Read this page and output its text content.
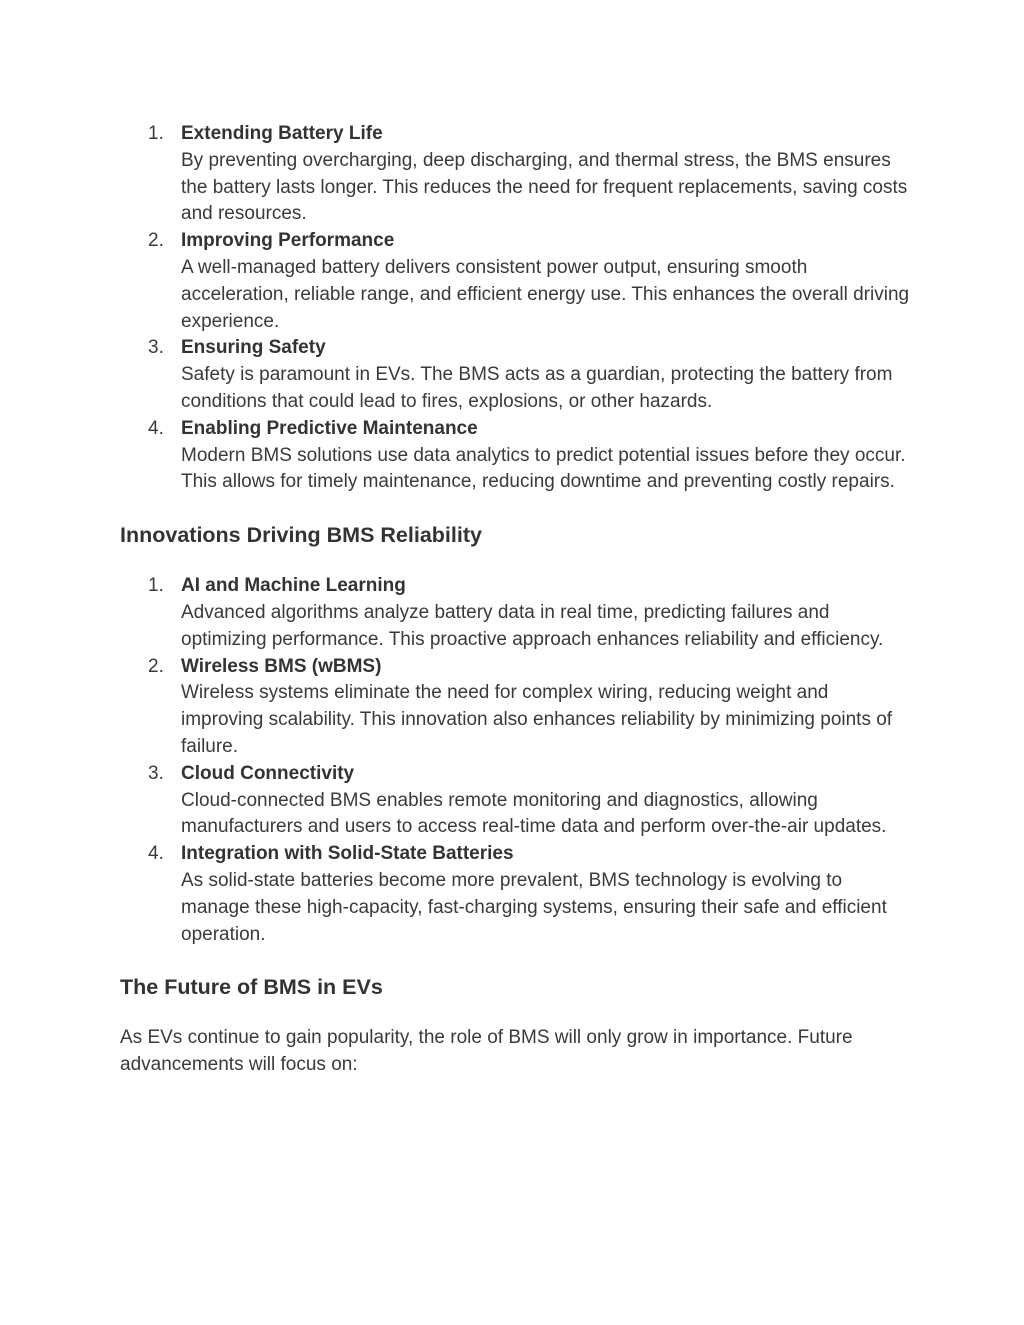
1. Extending Battery Life
By preventing overcharging, deep discharging, and thermal stress, the BMS ensures the battery lasts longer. This reduces the need for frequent replacements, saving costs and resources.
2. Improving Performance
A well-managed battery delivers consistent power output, ensuring smooth acceleration, reliable range, and efficient energy use. This enhances the overall driving experience.
3. Ensuring Safety
Safety is paramount in EVs. The BMS acts as a guardian, protecting the battery from conditions that could lead to fires, explosions, or other hazards.
4. Enabling Predictive Maintenance
Modern BMS solutions use data analytics to predict potential issues before they occur. This allows for timely maintenance, reducing downtime and preventing costly repairs.
Innovations Driving BMS Reliability
1. AI and Machine Learning
Advanced algorithms analyze battery data in real time, predicting failures and optimizing performance. This proactive approach enhances reliability and efficiency.
2. Wireless BMS (wBMS)
Wireless systems eliminate the need for complex wiring, reducing weight and improving scalability. This innovation also enhances reliability by minimizing points of failure.
3. Cloud Connectivity
Cloud-connected BMS enables remote monitoring and diagnostics, allowing manufacturers and users to access real-time data and perform over-the-air updates.
4. Integration with Solid-State Batteries
As solid-state batteries become more prevalent, BMS technology is evolving to manage these high-capacity, fast-charging systems, ensuring their safe and efficient operation.
The Future of BMS in EVs

As EVs continue to gain popularity, the role of BMS will only grow in importance. Future advancements will focus on:
